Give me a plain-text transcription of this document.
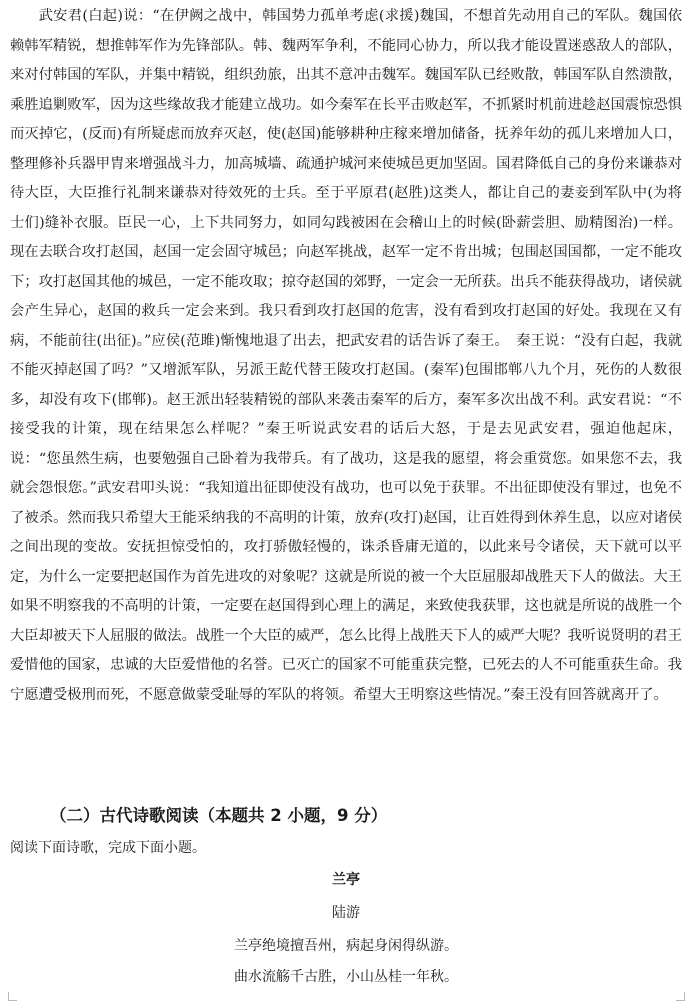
武安君(白起)说：“在伊阙之战中，韩国势力孤单考虑(求援)魏国，不想首先动用自己的军队。魏国依赖韩军精锐，想推韩军作为先锋部队。韩、魏两军争利，不能同心协力，所以我才能设置迷惑敌人的部队，来对付韩国的军队，并集中精锐，组织劲旅，出其不意冲击魏军。魏国军队已经败散，韩国军队自然溃散，乘胜追剿败军，因为这些缘故我才能建立战功。如今秦军在长平击败赵军，不抓紧时机前进趁赵国震惊恐惧而灭掉它，(反而)有所疑虑而放弃灭赵，使(赵国)能够耕种庄稼来增加储备，抚养年幼的孤儿来增加人口，整理修补兵器甲胄来增强战斗力，加高城墙、疏通护城河来使城邑更加坚固。国君降低自己的身份来谦恭对待大臣，大臣推行礼制来谦恭对待效死的士兵。至于平原君(赵胜)这类人，都让自己的妻妾到军队中(为将士们)缝补衣服。臣民一心，上下共同努力，如同勾践被困在会稽山上的时候(卧薪尝胆、励精图治)一样。现在去联合攻打赵国，赵国一定会固守城邑；向赵军挑战，赵军一定不肯出城；包围赵国国都，一定不能攻下；攻打赵国其他的城邑，一定不能攻取；掠夺赵国的郊野，一定会一无所获。出兵不能获得战功，诸侯就会产生异心，赵国的救兵一定会来到。我只看到攻打赵国的危害，没有看到攻打赵国的好处。我现在又有病，不能前往(出征)。”应侯(范雎)惭愧地退了出去，把武安君的话告诉了秦王。　秦王说：“没有白起，我就不能灭掉赵国了吗？”又增派军队，另派王龁代替王陵攻打赵国。(秦军)包围邯郸八九个月，死伤的人数很多，却没有攻下(邯郸)。赵王派出轻装精锐的部队来袭击秦军的后方，秦军多次出战不利。武安君说：“不接受我的计策，现在结果怎么样呢？”秦王听说武安君的话后大怒，于是去见武安君，强迫他起床，说：“您虽然生病，也要勉强自己卧着为我带兵。有了战功，这是我的愿望，将会重赏您。如果您不去，我就会怨恨您。”武安君叩头说：“我知道出征即使没有战功，也可以免于获罪。不出征即使没有罪过，也免不了被杀。然而我只希望大王能采纳我的不高明的计策，放弃(攻打)赵国，让百姓得到休养生息，以应对诸侯之间出现的变故。安抚担惊受怕的，攻打骄傲轻慢的，诛杀昏庸无道的，以此来号令诸侯，天下就可以平定，为什么一定要把赵国作为首先进攻的对象呢？这就是所说的被一个大臣屈服却战胜天下人的做法。大王如果不明察我的不高明的计策，一定要在赵国得到心理上的满足，来致使我获罪，这也就是所说的战胜一个大臣却被天下人屈服的做法。战胜一个大臣的威严，怎么比得上战胜天下人的威严大呢？我听说贤明的君王爱惜他的国家，忠诚的大臣爱惜他的名誉。已灭亡的国家不可能重获完整，已死去的人不可能重获生命。我宁愿遭受极刑而死，不愿意做蒙受耻辱的军队的将领。希望大王明察这些情况。”秦王没有回答就离开了。

（二）古代诗歌阅读（本题共 2 小题，9 分）

阅读下面诗歌，完成下面小题。

兰亭

陆游

兰亭绝境擅吾州，病起身闲得纵游。

曲水流觞千古胜，小山丛桂一年秋。
